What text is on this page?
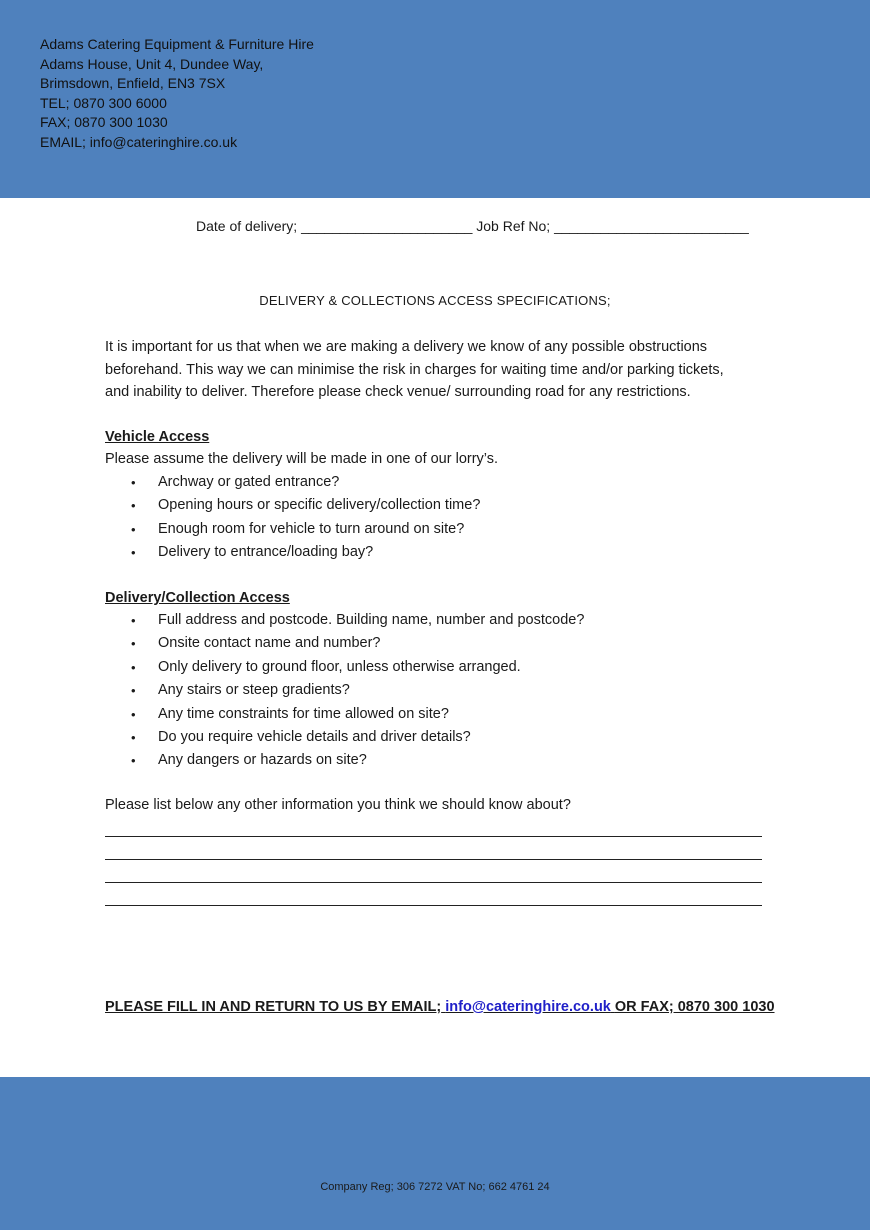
Adams Catering Equipment & Furniture Hire
Adams House, Unit 4, Dundee Way,
Brimsdown, Enfield, EN3 7SX
TEL; 0870 300 6000
FAX; 0870 300 1030
EMAIL; info@cateringhire.co.uk
Date of delivery; ______________________ Job Ref No; _________________________
DELIVERY & COLLECTIONS ACCESS SPECIFICATIONS;
It is important for us that when we are making a delivery we know of any possible obstructions
beforehand. This way we can minimise the risk in charges for waiting time and/or parking tickets,
and inability to deliver. Therefore please check venue/ surrounding road for any restrictions.
Vehicle Access
Please assume the delivery will be made in one of our lorry’s.
• Archway or gated entrance?
• Opening hours or specific delivery/collection time?
• Enough room for vehicle to turn around on site?
• Delivery to entrance/loading bay?
Delivery/Collection Access
• Full address and postcode. Building name, number and postcode?
• Onsite contact name and number?
• Only delivery to ground floor, unless otherwise arranged.
• Any stairs or steep gradients?
• Any time constraints for time allowed on site?
• Do you require vehicle details and driver details?
• Any dangers or hazards on site?
Please list below any other information you think we should know about?
PLEASE FILL IN AND RETURN TO US BY EMAIL; info@cateringhire.co.uk OR FAX; 0870 300 1030
Company Reg; 306 7272 VAT No; 662 4761 24
